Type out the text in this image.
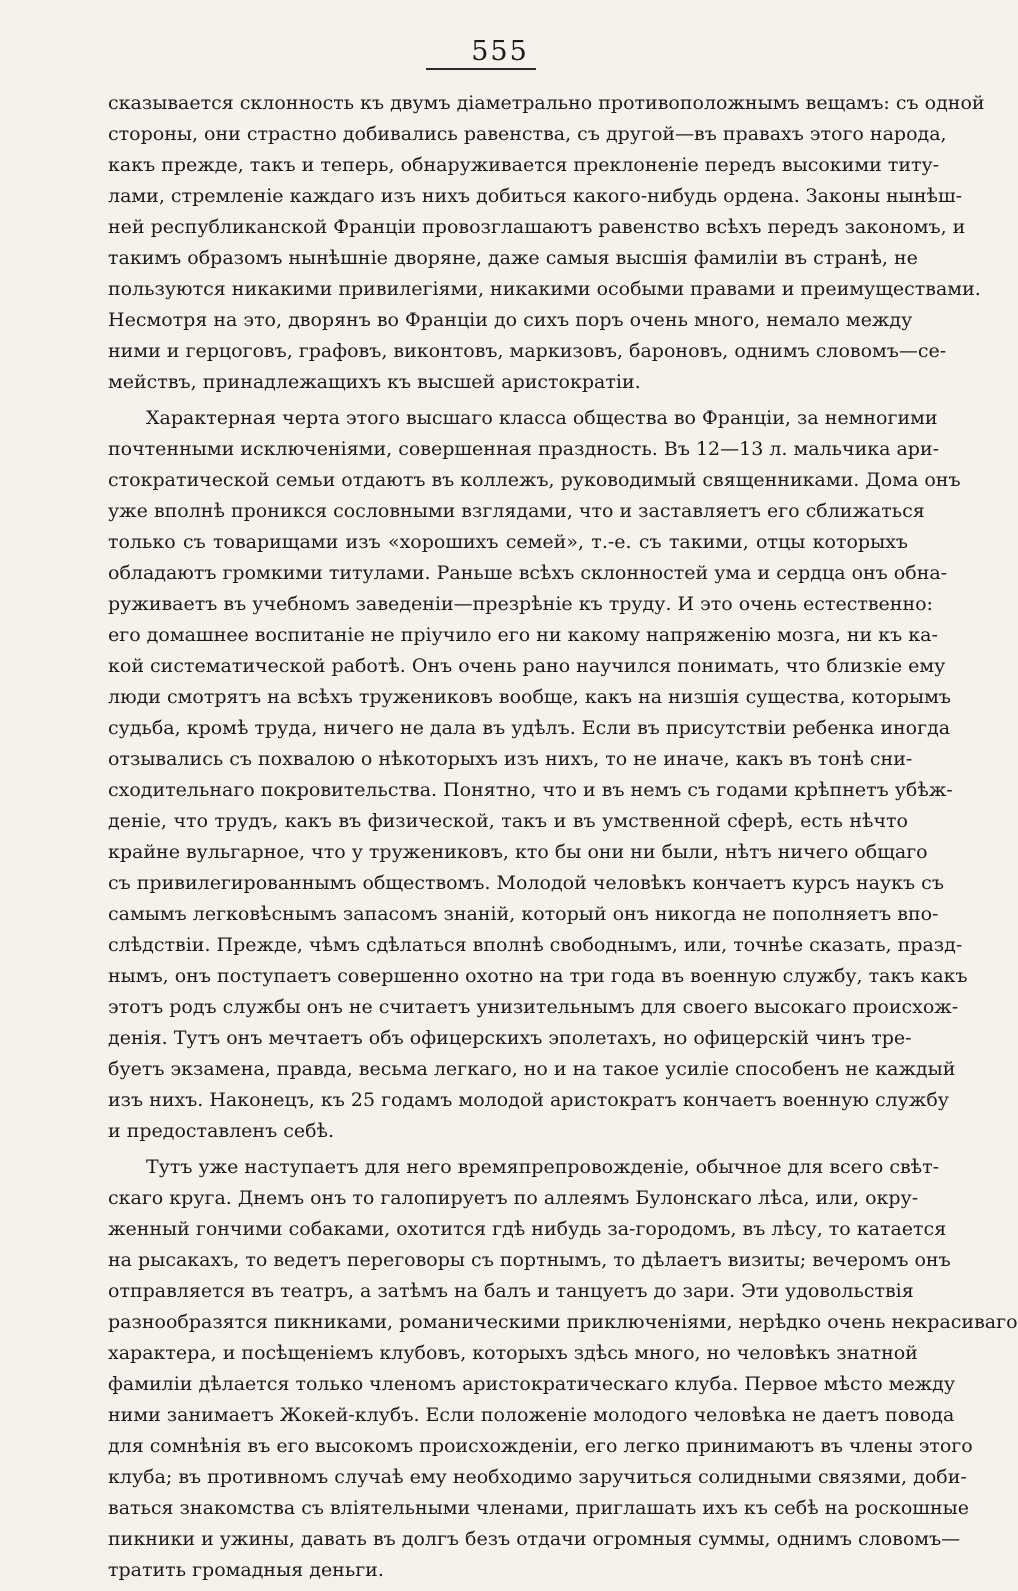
555
сказывается склонность къ двумъ діаметрально противоположнымъ вещамъ: съ одной
стороны, они страстно добивались равенства, съ другой—въ правахъ этого народа,
какъ прежде, такъ и теперь, обнаруживается преклоненіе передъ высокими титу-
лами, стремленіе каждаго изъ нихъ добиться какого-нибудь ордена. Законы нынѣш-
ней республиканской Франціи провозглашаютъ равенство всѣхъ передъ закономъ, и
такимъ образомъ нынѣшніе дворяне, даже самыя высшія фамиліи въ странѣ, не
пользуются никакими привилегіями, никакими особыми правами и преимуществами.
Несмотря на это, дворянъ во Франціи до сихъ поръ очень много, немало между
ними и герцоговъ, графовъ, виконтовъ, маркизовъ, бароновъ, однимъ словомъ—се-
мействъ, принадлежащихъ къ высшей аристократіи.
Характерная черта этого высшаго класса общества во Франціи, за немногими
почтенными исключеніями, совершенная праздность. Въ 12—13 л. мальчика ари-
стократической семьи отдаютъ въ коллежъ, руководимый священниками. Дома онъ
уже вполнѣ проникся сословными взглядами, что и заставляетъ его сближаться
только съ товарищами изъ «хорошихъ семей», т.-е. съ такими, отцы которыхъ
обладаютъ громкими титулами. Раньше всѣхъ склонностей ума и сердца онъ обна-
руживаетъ въ учебномъ заведеніи—презрѣніе къ труду. И это очень естественно:
его домашнее воспитаніе не пріучило его ни какому напряженію мозга, ни къ ка-
кой систематической работѣ. Онъ очень рано научился понимать, что близкіе ему
люди смотрятъ на всѣхъ тружениковъ вообще, какъ на низшія существа, которымъ
судьба, кромѣ труда, ничего не дала въ удѣлъ. Если въ присутствіи ребенка иногда
отзывались съ похвалою о нѣкоторыхъ изъ нихъ, то не иначе, какъ въ тонѣ сни-
сходительнаго покровительства. Понятно, что и въ немъ съ годами крѣпнетъ убѣж-
деніе, что трудъ, какъ въ физической, такъ и въ умственной сферѣ, есть нѣчто
крайне вульгарное, что у тружениковъ, кто бы они ни были, нѣтъ ничего общаго
съ привилегированнымъ обществомъ. Молодой человѣкъ кончаетъ курсъ наукъ съ
самымъ легковѣснымъ запасомъ знаній, который онъ никогда не пополняетъ впо-
слѣдствіи. Прежде, чѣмъ сдѣлаться вполнѣ свободнымъ, или, точнѣе сказать, празд-
нымъ, онъ поступаетъ совершенно охотно на три года въ военную службу, такъ какъ
этотъ родъ службы онъ не считаетъ унизительнымъ для своего высокаго происхож-
денія. Тутъ онъ мечтаетъ объ офицерскихъ эполетахъ, но офицерскій чинъ тре-
буетъ экзамена, правда, весьма легкаго, но и на такое усиліе способенъ не каждый
изъ нихъ. Наконецъ, къ 25 годамъ молодой аристократъ кончаетъ военную службу
и предоставленъ себѣ.
Тутъ уже наступаетъ для него времяпрепровожденіе, обычное для всего свѣт-
скаго круга. Днемъ онъ то галопируетъ по аллеямъ Булонскаго лѣса, или, окру-
женный гончими собаками, охотится гдѣ нибудь за-городомъ, въ лѣсу, то катается
на рысакахъ, то ведетъ переговоры съ портнымъ, то дѣлаетъ визиты; вечеромъ онъ
отправляется въ театръ, а затѣмъ на балъ и танцуетъ до зари. Эти удовольствія
разнообразятся пикниками, романическими приключеніями, нерѣдко очень некрасиваго
характера, и посѣщеніемъ клубовъ, которыхъ здѣсь много, но человѣкъ знатной
фамиліи дѣлается только членомъ аристократическаго клуба. Первое мѣсто между
ними занимаетъ Жокей-клубъ. Если положеніе молодого человѣка не даетъ повода
для сомнѣнія въ его высокомъ происхожденіи, его легко принимаютъ въ члены этого
клуба; въ противномъ случаѣ ему необходимо заручиться солидными связями, доби-
ваться знакомства съ вліятельными членами, приглашать ихъ къ себѣ на роскошные
пикники и ужины, давать въ долгъ безъ отдачи огромныя суммы, однимъ словомъ—
тратить громадныя деньги.
